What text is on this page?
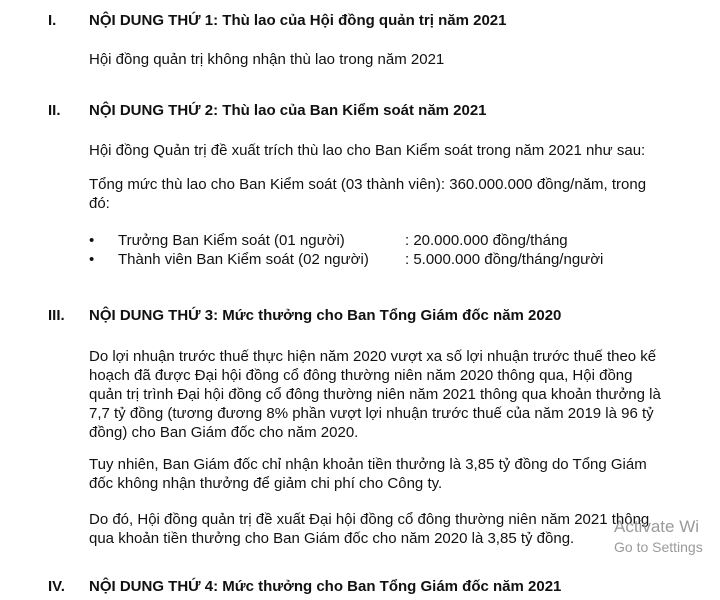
I. NỘI DUNG THỨ 1: Thù lao của Hội đồng quản trị năm 2021
Hội đồng quản trị không nhận thù lao trong năm 2021
II. NỘI DUNG THỨ 2: Thù lao của Ban Kiểm soát năm 2021
Hội đồng Quản trị đề xuất trích thù lao cho Ban Kiểm soát trong năm 2021 như sau:
Tổng mức thù lao cho Ban Kiểm soát (03 thành viên): 360.000.000 đồng/năm, trong đó:
• Trưởng Ban Kiểm soát (01 người)	: 20.000.000 đồng/tháng
• Thành viên Ban Kiểm soát (02 người) : 5.000.000 đồng/tháng/người
III. NỘI DUNG THỨ 3: Mức thưởng cho Ban Tổng Giám đốc năm 2020
Do lợi nhuận trước thuế thực hiện năm 2020 vượt xa số lợi nhuận trước thuế theo kế hoạch đã được Đại hội đồng cổ đông thường niên năm 2020 thông qua, Hội đồng quản trị trình Đại hội đồng cổ đông thường niên năm 2021 thông qua khoản thưởng là 7,7 tỷ đồng (tương đương 8% phần vượt lợi nhuận trước thuế của năm 2019 là 96 tỷ đồng) cho Ban Giám đốc cho năm 2020.
Tuy nhiên, Ban Giám đốc chỉ nhận khoản tiền thưởng là 3,85 tỷ đồng do Tổng Giám đốc không nhận thưởng để giảm chi phí cho Công ty.
Do đó, Hội đồng quản trị đề xuất Đại hội đồng cổ đông thường niên năm 2021 thông qua khoản tiền thưởng cho Ban Giám đốc cho năm 2020 là 3,85 tỷ đồng.
IV. NỘI DUNG THỨ 4: Mức thưởng cho Ban Tổng Giám đốc năm 2021
Activate Wi
Go to Settings
